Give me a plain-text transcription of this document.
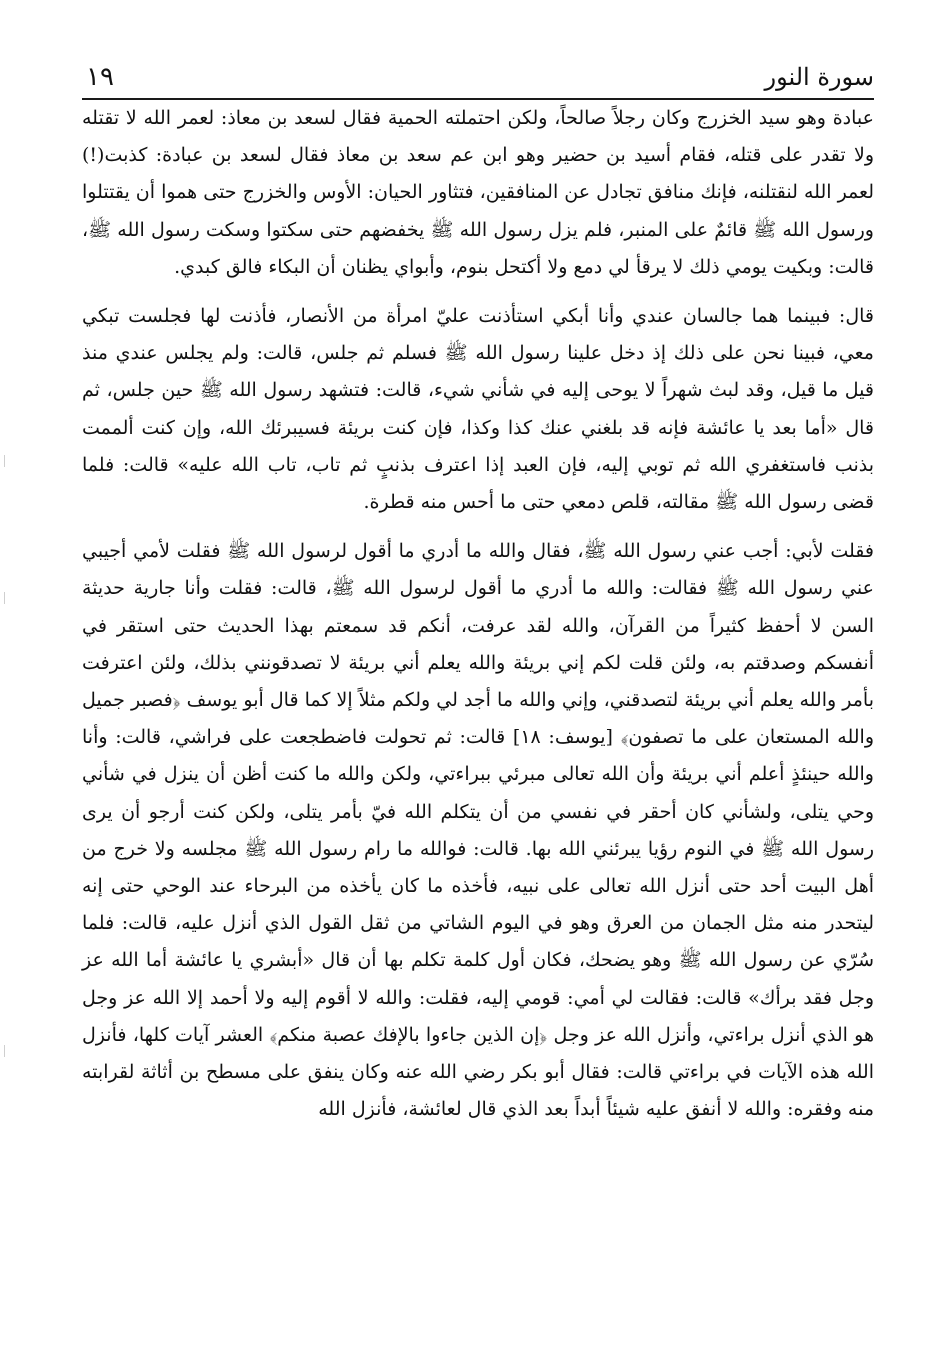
١٩	سورة النور

عبادة وهو سيد الخزرج وكان رجلاً صالحاً، ولكن احتملته الحمية فقال لسعد بن معاذ: لعمر الله لا تقتله ولا تقدر على قتله، فقام أسيد بن حضير وهو ابن عم سعد بن معاذ فقال لسعد بن عبادة: كذبت(!) لعمر الله لنقتلنه، فإنك منافق تجادل عن المنافقين، فتثاور الحيان: الأوس والخزرج حتى هموا أن يقتتلوا ورسول الله ﷺ قائمٌ على المنبر، فلم يزل رسول الله ﷺ يخفضهم حتى سكتوا وسكت رسول الله ﷺ، قالت: وبكيت يومي ذلك لا يرقأ لي دمع ولا أكتحل بنوم، وأبواي يظنان أن البكاء فالق كبدي.

قال: فبينما هما جالسان عندي وأنا أبكي استأذنت عليّ امرأة من الأنصار، فأذنت لها فجلست تبكي معي، فبينا نحن على ذلك إذ دخل علينا رسول الله ﷺ فسلم ثم جلس، قالت: ولم يجلس عندي منذ قيل ما قيل، وقد لبث شهراً لا يوحى إليه في شأني شيء، قالت: فتشهد رسول الله ﷺ حين جلس، ثم قال «أما بعد يا عائشة فإنه قد بلغني عنك كذا وكذا، فإن كنت بريئة فسيبرئك الله، وإن كنت ألممت بذنب فاستغفري الله ثم توبي إليه، فإن العبد إذا اعترف بذنبٍ ثم تاب، تاب الله عليه» قالت: فلما قضى رسول الله ﷺ مقالته، قلص دمعي حتى ما أحس منه قطرة.

فقلت لأبي: أجب عني رسول الله ﷺ، فقال والله ما أدري ما أقول لرسول الله ﷺ فقلت لأمي أجيبي عني رسول الله ﷺ فقالت: والله ما أدري ما أقول لرسول الله ﷺ، قالت: فقلت وأنا جارية حديثة السن لا أحفظ كثيراً من القرآن، والله لقد عرفت، أنكم قد سمعتم بهذا الحديث حتى استقر في أنفسكم وصدقتم به، ولئن قلت لكم إني بريئة والله يعلم أني بريئة لا تصدقونني بذلك، ولئن اعترفت بأمر والله يعلم أني بريئة لتصدقني، وإني والله ما أجد لي ولكم مثلاً إلا كما قال أبو يوسف ﴿فصبر جميل والله المستعان على ما تصفون﴾ [يوسف: ١٨] قالت: ثم تحولت فاضطجعت على فراشي، قالت: وأنا والله حينئذٍ أعلم أني بريئة وأن الله تعالى مبرئي ببراءتي، ولكن والله ما كنت أظن أن ينزل في شأني وحي يتلى، ولشأني كان أحقر في نفسي من أن يتكلم الله فيّ بأمر يتلى، ولكن كنت أرجو أن يرى رسول الله ﷺ في النوم رؤيا يبرئني الله بها. قالت: فوالله ما رام رسول الله ﷺ مجلسه ولا خرج من أهل البيت أحد حتى أنزل الله تعالى على نبيه، فأخذه ما كان يأخذه من البرحاء عند الوحي حتى إنه ليتحدر منه مثل الجمان من العرق وهو في اليوم الشاتي من ثقل القول الذي أنزل عليه، قالت: فلما سُرّي عن رسول الله ﷺ وهو يضحك، فكان أول كلمة تكلم بها أن قال «أبشري يا عائشة أما الله عز وجل فقد برأك» قالت: فقالت لي أمي: قومي إليه، فقلت: والله لا أقوم إليه ولا أحمد إلا الله عز وجل هو الذي أنزل براءتي، وأنزل الله عز وجل ﴿إن الذين جاءوا بالإفك عصبة منكم﴾ العشر آيات كلها، فأنزل الله هذه الآيات في براءتي قالت: فقال أبو بكر رضي الله عنه وكان ينفق على مسطح بن أثاثة لقرابته منه وفقره: والله لا أنفق عليه شيئاً أبداً بعد الذي قال لعائشة، فأنزل الله
